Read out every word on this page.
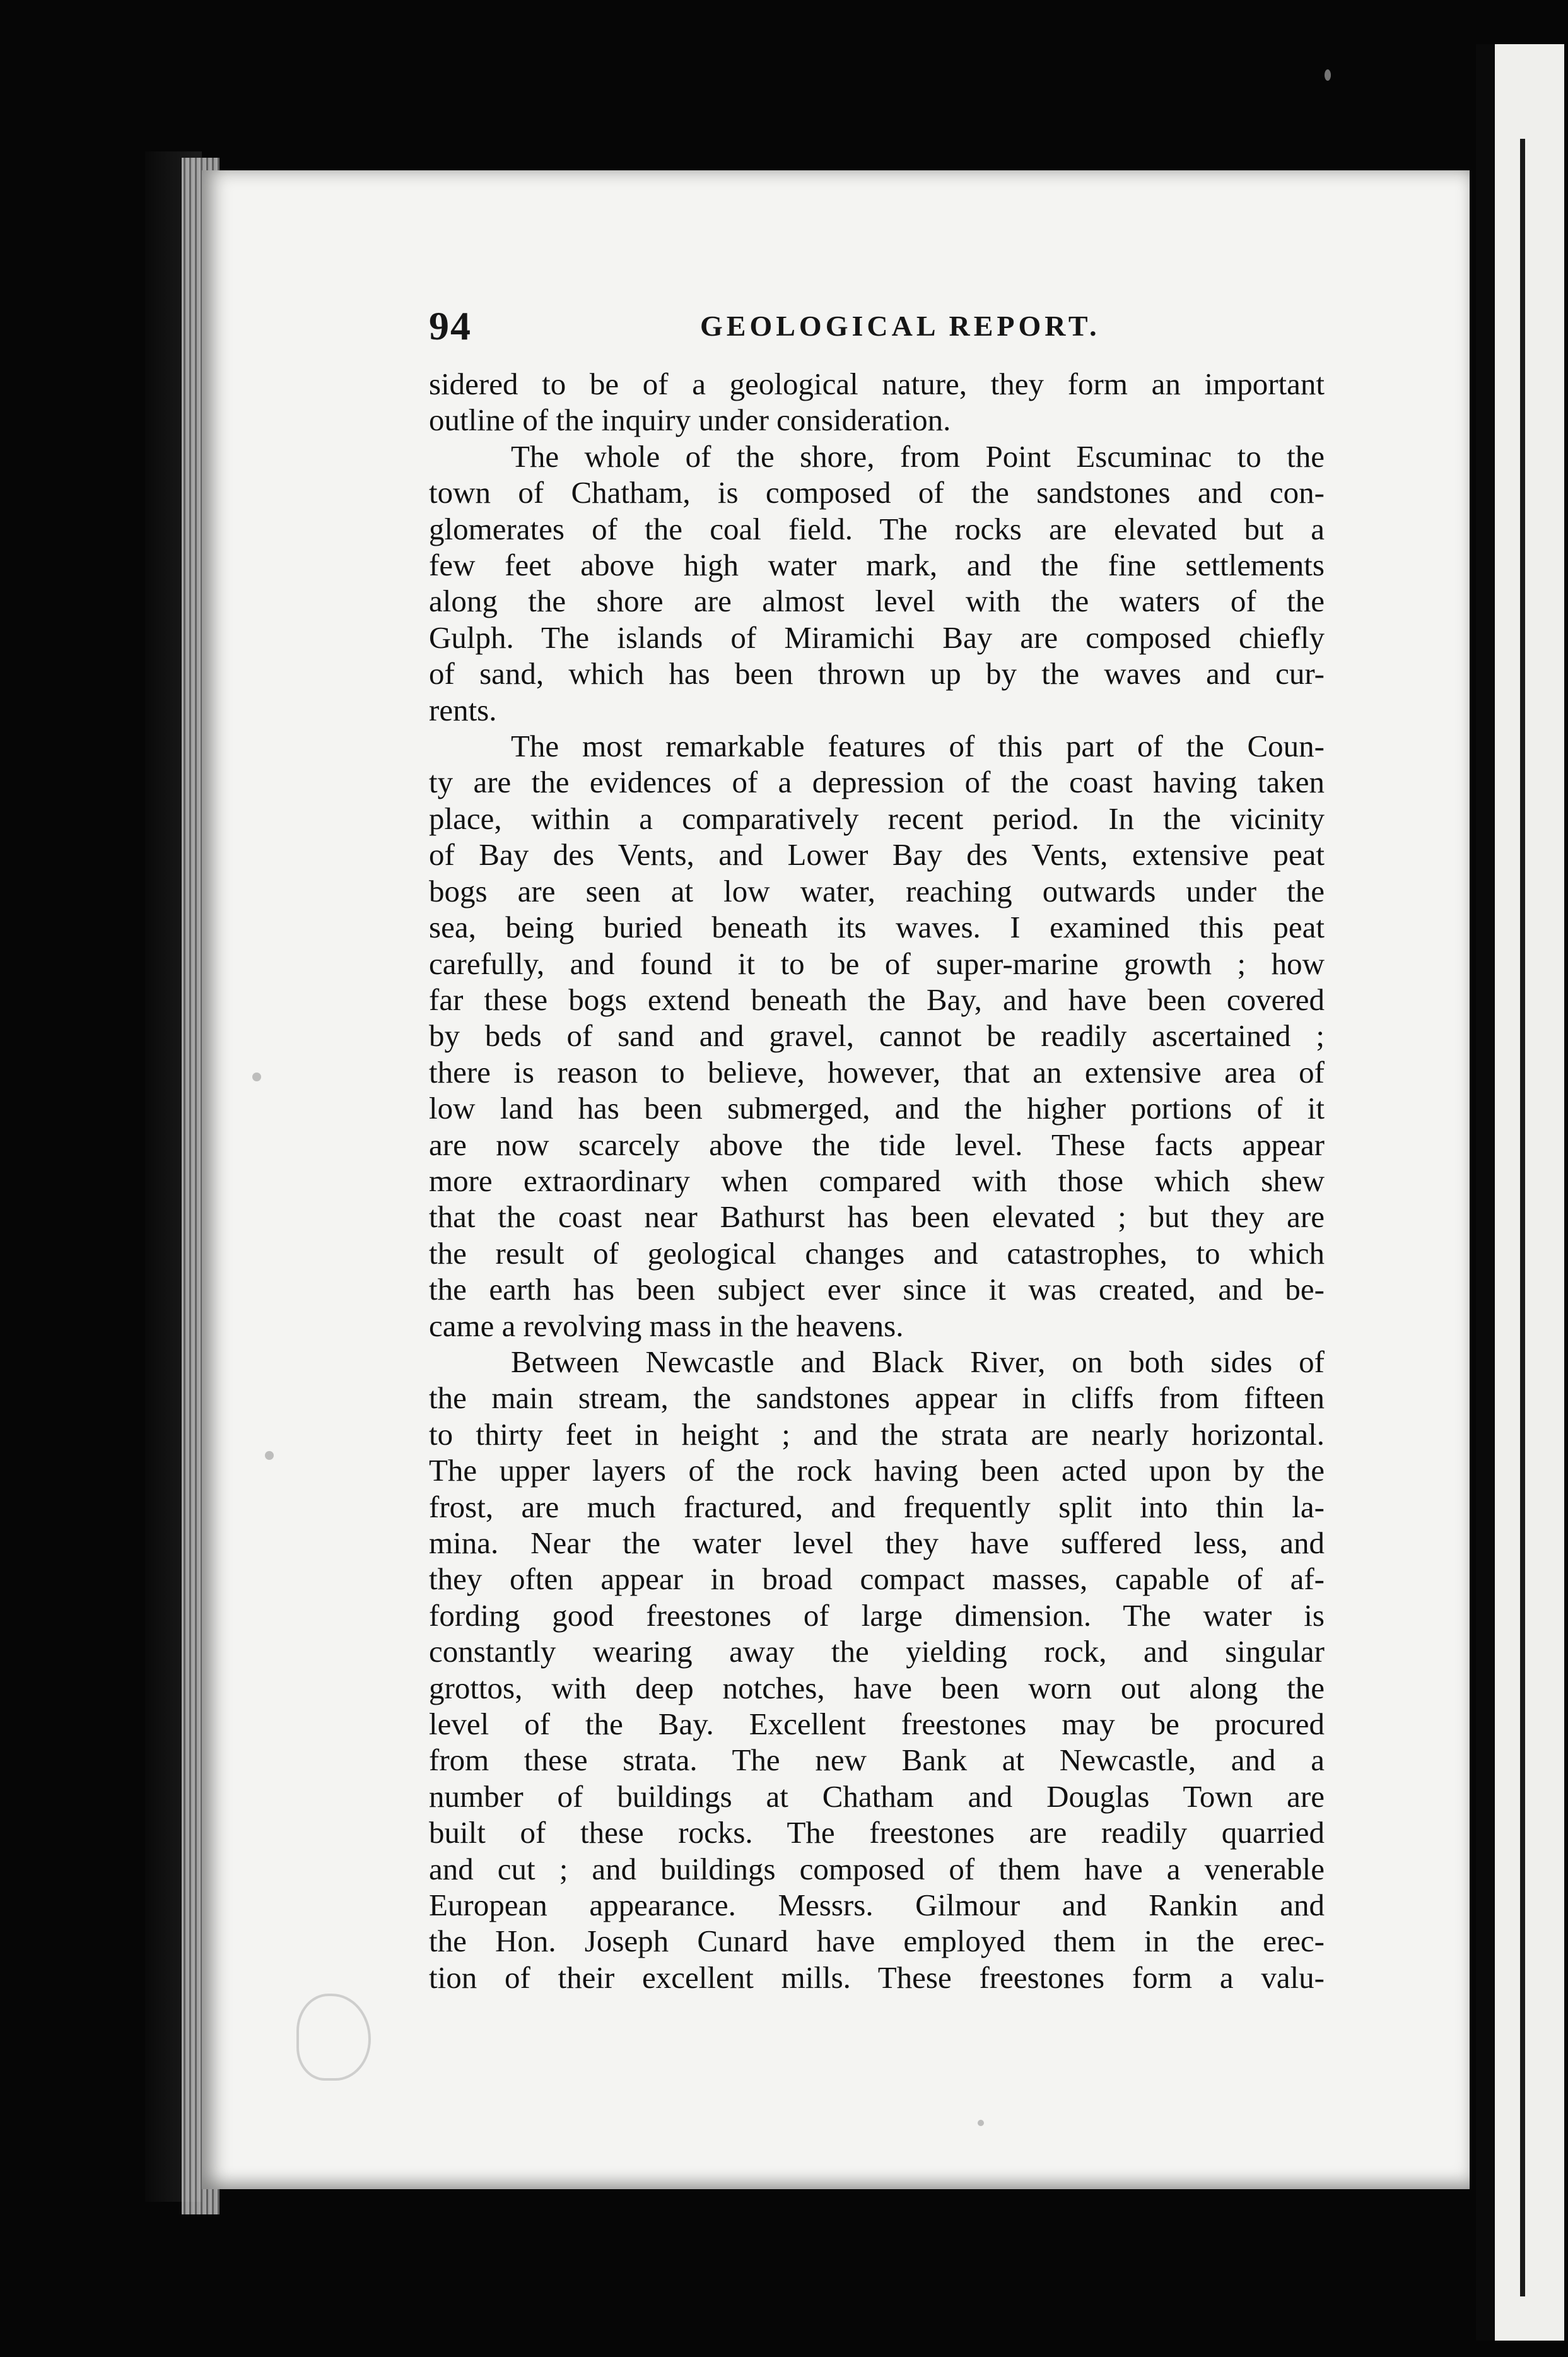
94	GEOLOGICAL REPORT.
sidered to be of a geological nature, they form an important
outline of the inquiry under consideration.
The whole of the shore, from Point Escuminac to the
town of Chatham, is composed of the sandstones and con-
glomerates of the coal field. The rocks are elevated but a
few feet above high water mark, and the fine settlements
along the shore are almost level with the waters of the
Gulph. The islands of Miramichi Bay are composed chiefly
of sand, which has been thrown up by the waves and cur-
rents.
The most remarkable features of this part of the Coun-
ty are the evidences of a depression of the coast having taken
place, within a comparatively recent period. In the vicinity
of Bay des Vents, and Lower Bay des Vents, extensive peat
bogs are seen at low water, reaching outwards under the
sea, being buried beneath its waves. I examined this peat
carefully, and found it to be of super-marine growth ; how
far these bogs extend beneath the Bay, and have been covered
by beds of sand and gravel, cannot be readily ascertained ;
there is reason to believe, however, that an extensive area of
low land has been submerged, and the higher portions of it
are now scarcely above the tide level. These facts appear
more extraordinary when compared with those which shew
that the coast near Bathurst has been elevated ; but they are
the result of geological changes and catastrophes, to which
the earth has been subject ever since it was created, and be-
came a revolving mass in the heavens.
Between Newcastle and Black River, on both sides of
the main stream, the sandstones appear in cliffs from fifteen
to thirty feet in height ; and the strata are nearly horizontal.
The upper layers of the rock having been acted upon by the
frost, are much fractured, and frequently split into thin la-
mina. Near the water level they have suffered less, and
they often appear in broad compact masses, capable of af-
fording good freestones of large dimension. The water is
constantly wearing away the yielding rock, and singular
grottos, with deep notches, have been worn out along the
level of the Bay. Excellent freestones may be procured
from these strata. The new Bank at Newcastle, and a
number of buildings at Chatham and Douglas Town are
built of these rocks. The freestones are readily quarried
and cut ; and buildings composed of them have a venerable
European appearance. Messrs. Gilmour and Rankin and
the Hon. Joseph Cunard have employed them in the erec-
tion of their excellent mills. These freestones form a valu-
